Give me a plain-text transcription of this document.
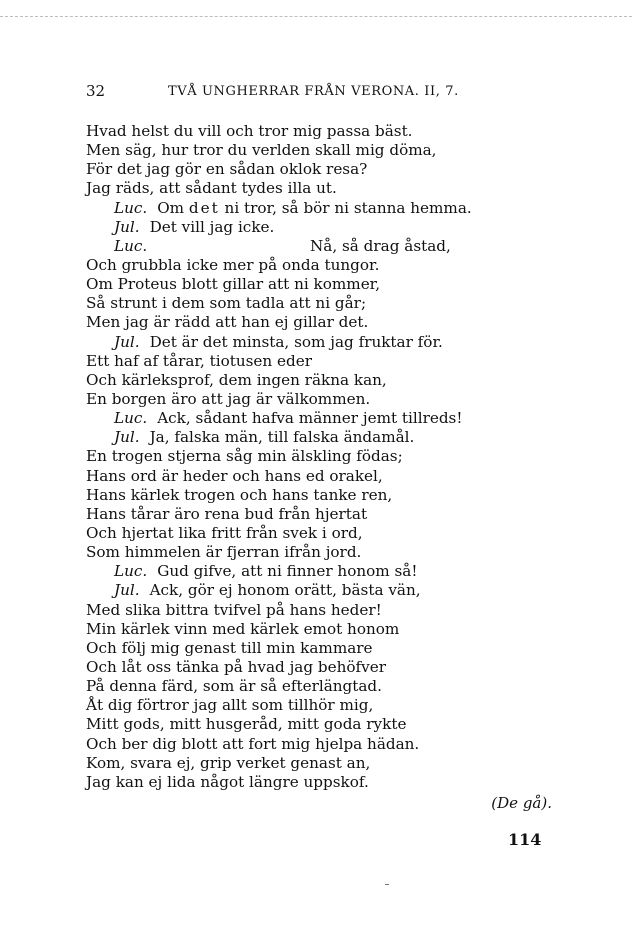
32	TVÅ UNGHERRAR FRÅN VERONA. II, 7.
Hvad helst du vill och tror mig passa bäst.
Men säg, hur tror du verlden skall mig döma,
För det jag gör en sådan oklok resa?
Jag räds, att sådant tydes illa ut.
Luc. Om det ni tror, så bör ni stanna hemma.
Jul. Det vill jag icke.
Luc.	Nå, så drag åstad,
Och grubbla icke mer på onda tungor.
Om Proteus blott gillar att ni kommer,
Så strunt i dem som tadla att ni går;
Men jag är rädd att han ej gillar det.
Jul. Det är det minsta, som jag fruktar för.
Ett haf af tårar, tiotusen eder
Och kärleksprof, dem ingen räkna kan,
En borgen äro att jag är välkommen.
Luc. Ack, sådant hafva männer jemt tillreds!
Jul. Ja, falska män, till falska ändamål.
En trogen stjerna såg min älskling födas;
Hans ord är heder och hans ed orakel,
Hans kärlek trogen och hans tanke ren,
Hans tårar äro rena bud från hjertat
Och hjertat lika fritt från svek i ord,
Som himmelen är fjerran ifrån jord.
Luc. Gud gifve, att ni finner honom så!
Jul. Ack, gör ej honom orätt, bästa vän,
Med slika bittra tvifvel på hans heder!
Min kärlek vinn med kärlek emot honom
Och följ mig genast till min kammare
Och låt oss tänka på hvad jag behöfver
På denna färd, som är så efterlängtad.
Åt dig förtror jag allt som tillhör mig,
Mitt gods, mitt husgeråd, mitt goda rykte
Och ber dig blott att fort mig hjelpa hädan.
Kom, svara ej, grip verket genast an,
Jag kan ej lida något längre uppskof.
(De gå).
114
